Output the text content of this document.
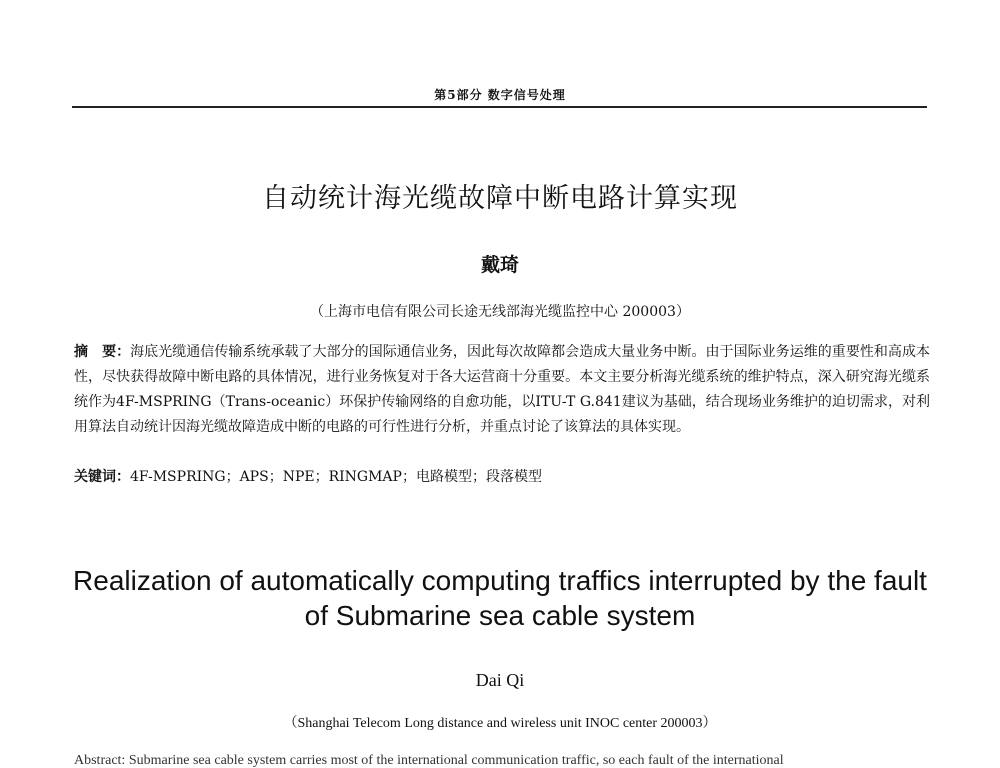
第5部分 数字信号处理
自动统计海光缆故障中断电路计算实现
戴琦
（上海市电信有限公司长途无线部海光缆监控中心 200003）
摘　要：海底光缆通信传输系统承载了大部分的国际通信业务，因此每次故障都会造成大量业务中断。由于国际业务运维的重要性和高成本性，尽快获得故障中断电路的具体情况，进行业务恢复对于各大运营商十分重要。本文主要分析海光缆系统的维护特点，深入研究海光缆系统作为4F-MSPRING（Trans-oceanic）环保护传输网络的自愈功能，以ITU-T G.841建议为基础，结合现场业务维护的迫切需求，对利用算法自动统计因海光缆故障造成中断的电路的可行性进行分析，并重点讨论了该算法的具体实现。
关键词：4F-MSPRING；APS；NPE；RINGMAP；电路模型；段落模型
Realization of automatically computing traffics interrupted by the fault of Submarine sea cable system
Dai Qi
（Shanghai Telecom Long distance and wireless unit INOC center 200003）
Abstract: Submarine sea cable system carries most of the international communication traffic, so each fault of the international
